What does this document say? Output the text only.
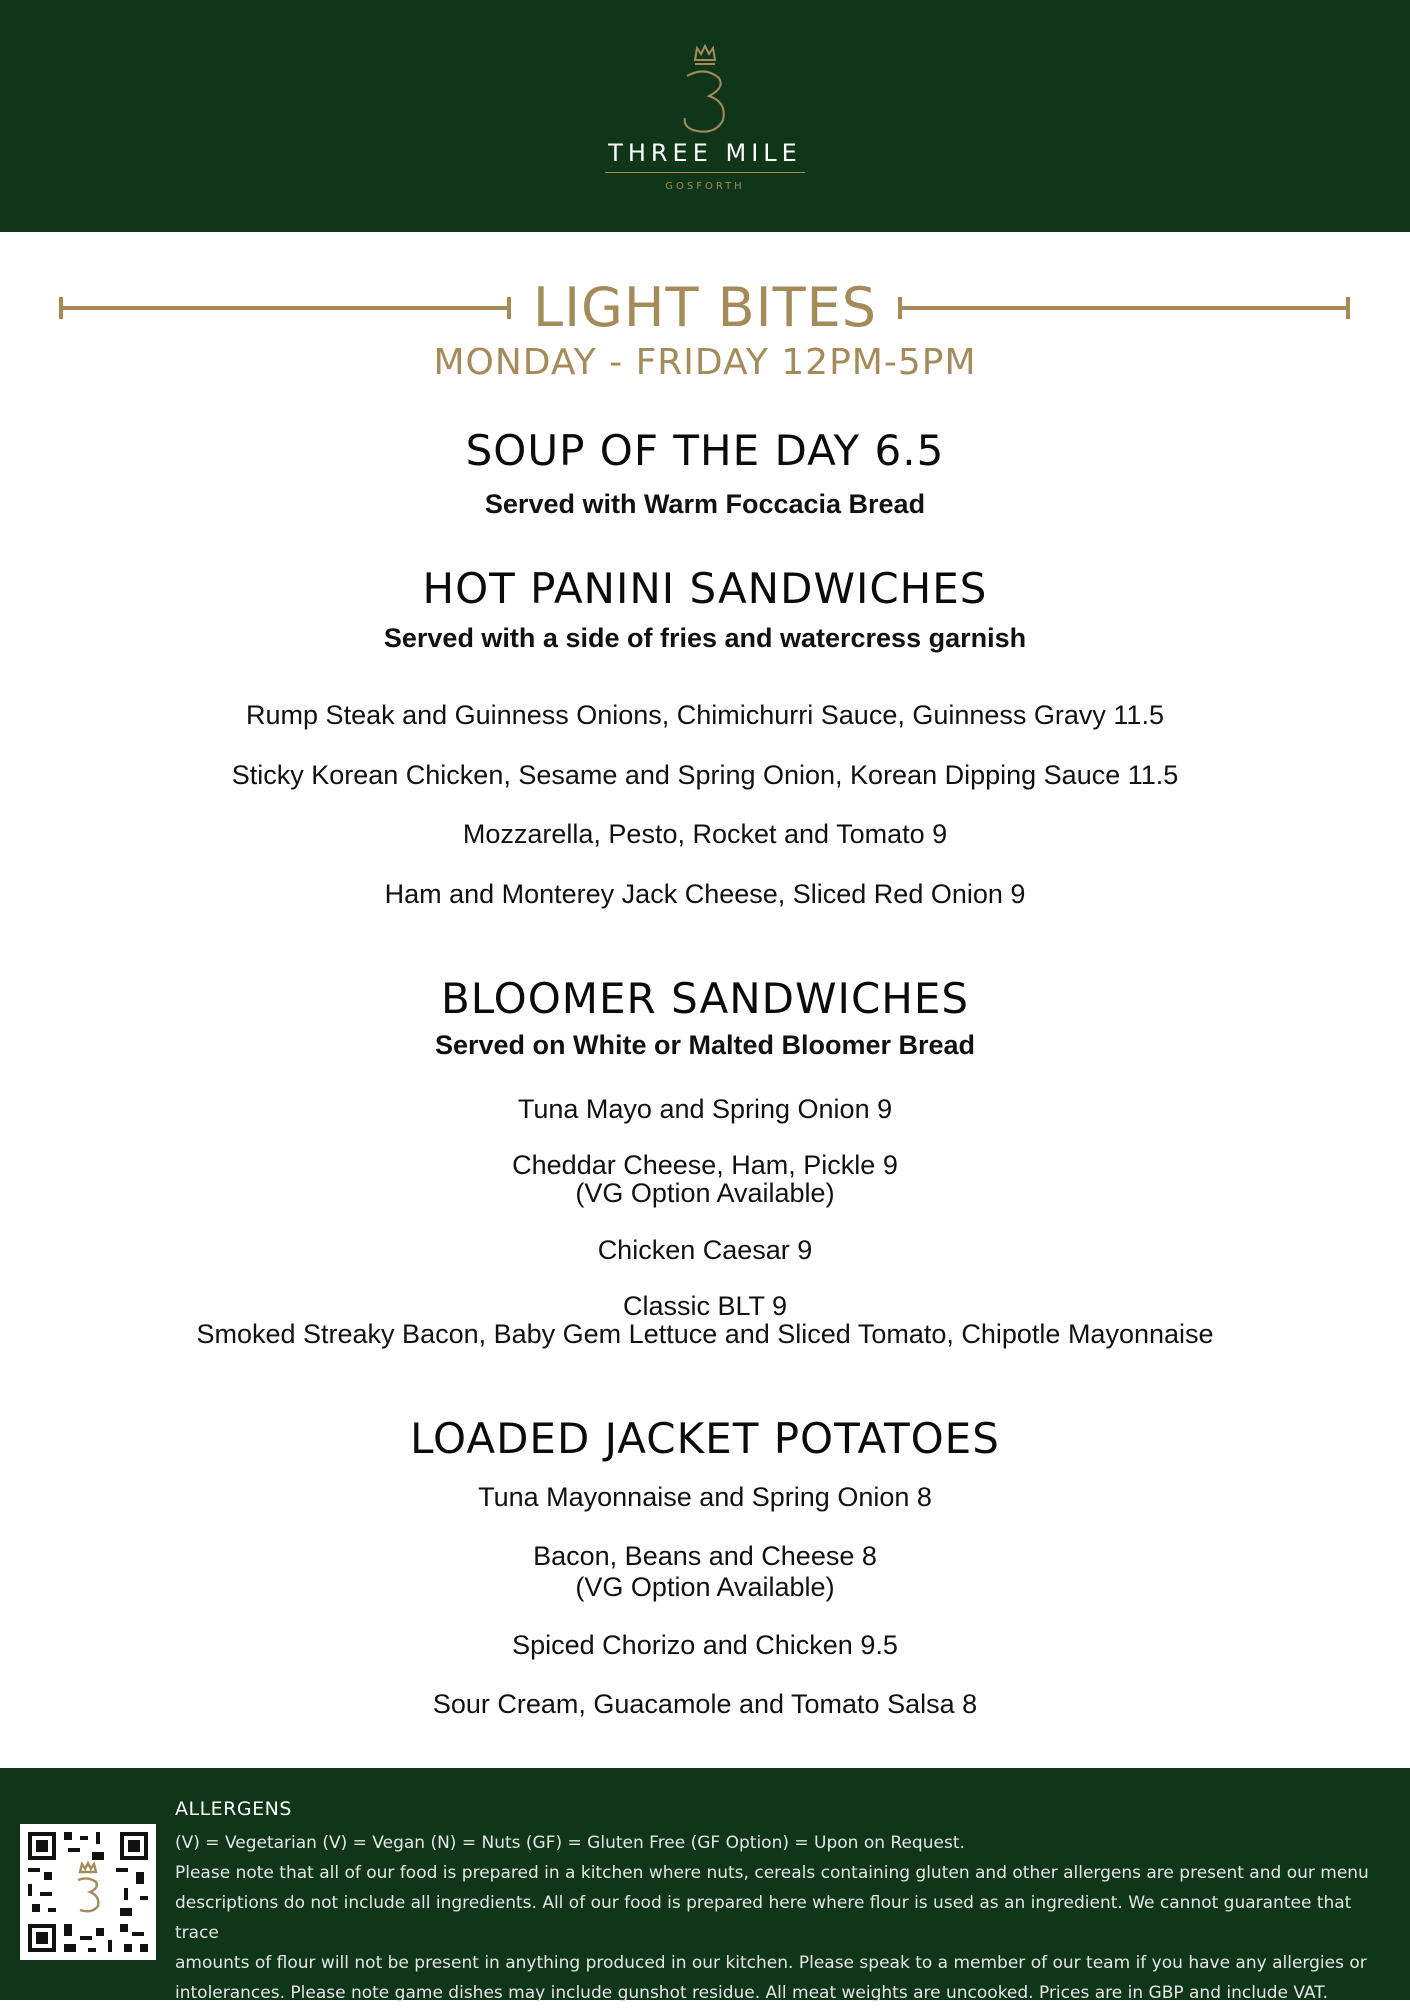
THREE MILE
GOSFORTH
LIGHT BITES
MONDAY - FRIDAY 12PM-5PM
SOUP OF THE DAY 6.5
Served with Warm Foccacia Bread
HOT PANINI SANDWICHES
Served with a side of fries and watercress garnish
Rump Steak and Guinness Onions, Chimichurri Sauce, Guinness Gravy 11.5
Sticky Korean Chicken, Sesame and Spring Onion, Korean Dipping Sauce 11.5
Mozzarella, Pesto, Rocket and Tomato 9
Ham and Monterey Jack Cheese, Sliced Red Onion 9
BLOOMER SANDWICHES
Served on White or Malted Bloomer Bread
Tuna Mayo and Spring Onion 9
Cheddar Cheese, Ham, Pickle 9
(VG Option Available)
Chicken Caesar 9
Classic BLT 9
Smoked Streaky Bacon, Baby Gem Lettuce and Sliced Tomato, Chipotle Mayonnaise
LOADED JACKET POTATOES
Tuna Mayonnaise and Spring Onion 8
Bacon, Beans and Cheese 8
(VG Option Available)
Spiced Chorizo and Chicken 9.5
Sour Cream, Guacamole and Tomato Salsa 8
ALLERGENS

(V) = Vegetarian (V) = Vegan (N) = Nuts (GF) = Gluten Free (GF Option) = Upon on Request.

Please note that all of our food is prepared in a kitchen where nuts, cereals containing gluten and other allergens are present and our menu

descriptions do not include all ingredients. All of our food is prepared here where flour is used as an ingredient. We cannot guarantee that trace

amounts of flour will not be present in anything produced in our kitchen. Please speak to a member of our team if you have any allergies or

intolerances. Please note game dishes may include gunshot residue. All meat weights are uncooked. Prices are in GBP and include VAT.
